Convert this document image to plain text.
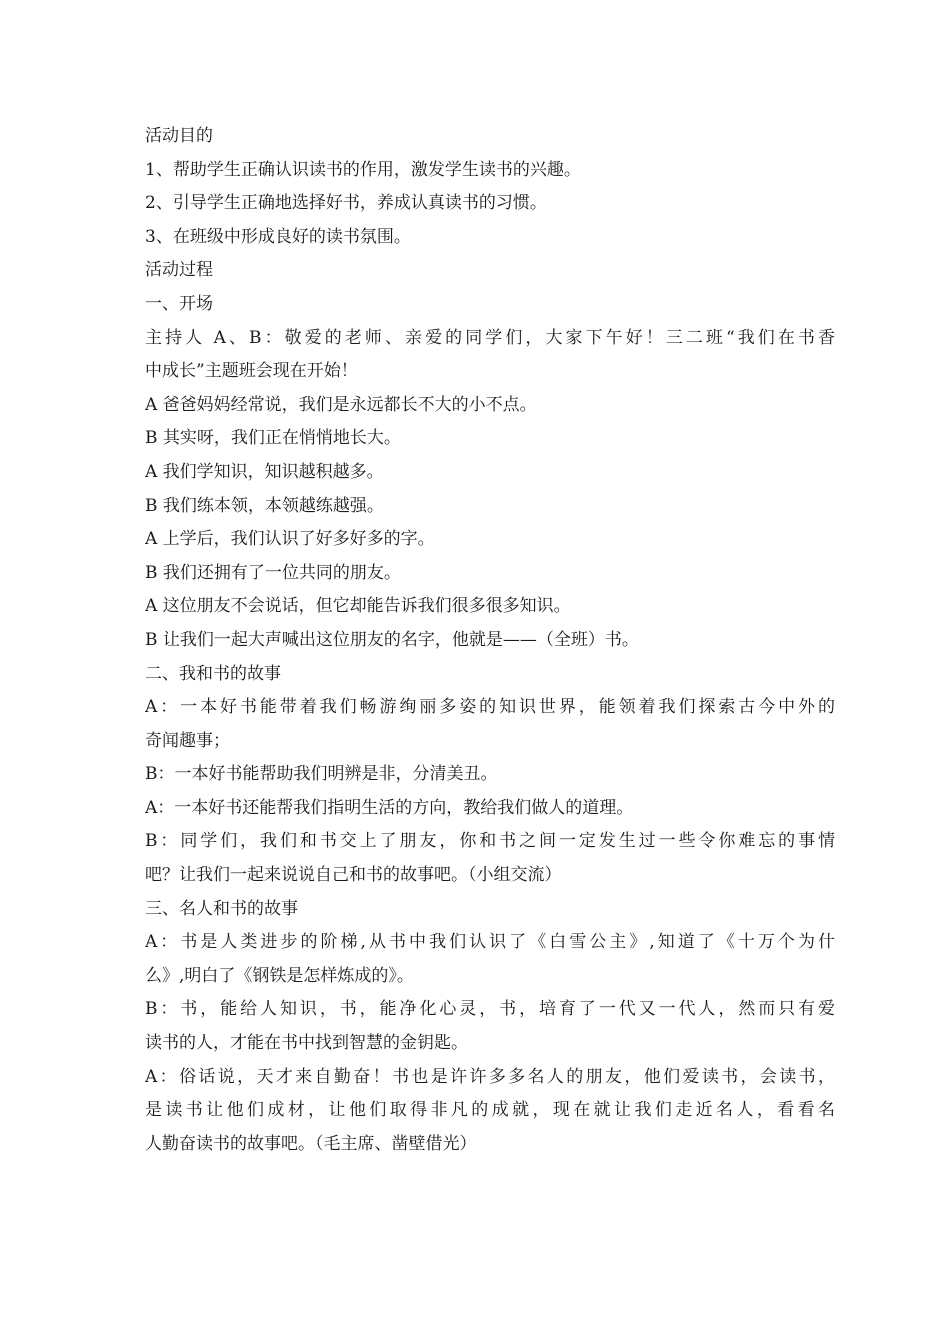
活动目的
1、帮助学生正确认识读书的作用，激发学生读书的兴趣。
2、引导学生正确地选择好书，养成认真读书的习惯。
3、在班级中形成良好的读书氛围。
活动过程
一、开场
主持人 A、B：敬爱的老师、亲爱的同学们，大家下午好！三二班“我们在书香
中成长”主题班会现在开始！
A 爸爸妈妈经常说，我们是永远都长不大的小不点。
B 其实呀，我们正在悄悄地长大。
A 我们学知识，知识越积越多。
B 我们练本领，本领越练越强。
A 上学后，我们认识了好多好多的字。
B 我们还拥有了一位共同的朋友。
A 这位朋友不会说话，但它却能告诉我们很多很多知识。
B 让我们一起大声喊出这位朋友的名字，他就是——（全班）书。
二、我和书的故事
A：一本好书能带着我们畅游绚丽多姿的知识世界，能领着我们探索古今中外的
奇闻趣事；
B：一本好书能帮助我们明辨是非，分清美丑。
A：一本好书还能帮我们指明生活的方向，教给我们做人的道理。
B：同学们，我们和书交上了朋友，你和书之间一定发生过一些令你难忘的事情
吧？让我们一起来说说自己和书的故事吧。（小组交流）
三、名人和书的故事
A：书是人类进步的阶梯,从书中我们认识了《白雪公主》,知道了《十万个为什
么》,明白了《钢铁是怎样炼成的》。
B：书，能给人知识，书，能净化心灵，书，培育了一代又一代人，然而只有爱
读书的人，才能在书中找到智慧的金钥匙。
A：俗话说，天才来自勤奋！书也是许许多多名人的朋友，他们爱读书，会读书，
是读书让他们成材，让他们取得非凡的成就，现在就让我们走近名人，看看名
人勤奋读书的故事吧。（毛主席、凿壁借光）
